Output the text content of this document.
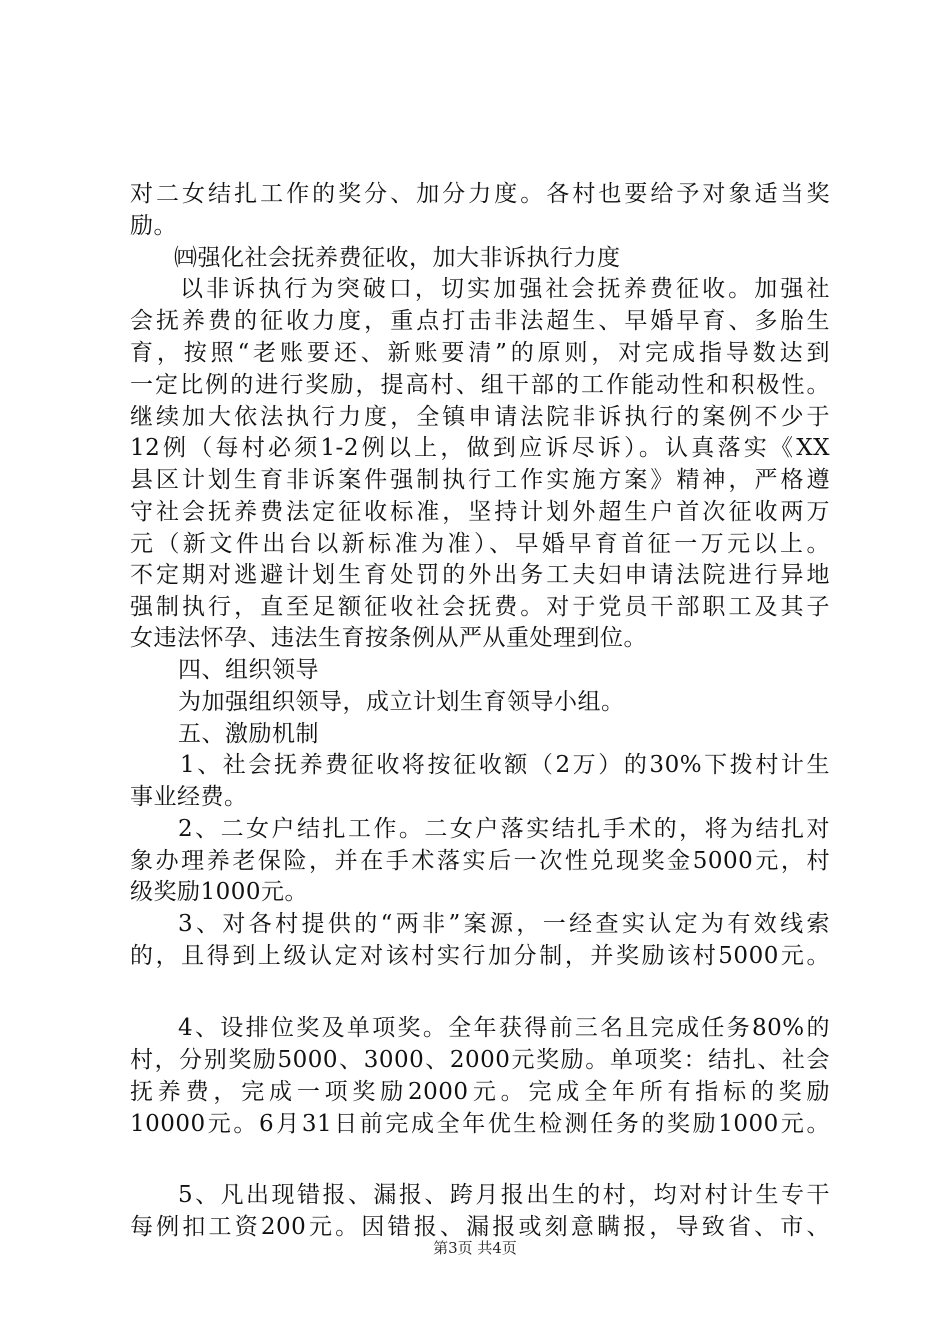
对二女结扎工作的奖分、加分力度。各村也要给予对象适当奖
励。
㈣强化社会抚养费征收，加大非诉执行力度
以非诉执行为突破口，切实加强社会抚养费征收。加强社
会抚养费的征收力度，重点打击非法超生、早婚早育、多胎生
育，按照“老账要还、新账要清”的原则，对完成指导数达到
一定比例的进行奖励，提高村、组干部的工作能动性和积极性。
继续加大依法执行力度，全镇申请法院非诉执行的案例不少于
12例（每村必须1-2例以上，做到应诉尽诉）。认真落实《XX
县区计划生育非诉案件强制执行工作实施方案》精神，严格遵
守社会抚养费法定征收标准，坚持计划外超生户首次征收两万
元（新文件出台以新标准为准）、早婚早育首征一万元以上。
不定期对逃避计划生育处罚的外出务工夫妇申请法院进行异地
强制执行，直至足额征收社会抚费。对于党员干部职工及其子
女违法怀孕、违法生育按条例从严从重处理到位。
四、组织领导
为加强组织领导，成立计划生育领导小组。
五、激励机制
1、社会抚养费征收将按征收额（2万）的30%下拨村计生
事业经费。
2、二女户结扎工作。二女户落实结扎手术的，将为结扎对
象办理养老保险，并在手术落实后一次性兑现奖金5000元，村
级奖励1000元。
3、对各村提供的“两非”案源，一经查实认定为有效线索
的，且得到上级认定对该村实行加分制，并奖励该村5000元。
4、设排位奖及单项奖。全年获得前三名且完成任务80%的
村，分别奖励5000、3000、2000元奖励。单项奖：结扎、社会
抚养费，完成一项奖励2000元。完成全年所有指标的奖励
10000元。6月31日前完成全年优生检测任务的奖励1000元。
5、凡出现错报、漏报、跨月报出生的村，均对村计生专干
每例扣工资200元。因错报、漏报或刻意瞒报，导致省、市、
第3页 共4页
